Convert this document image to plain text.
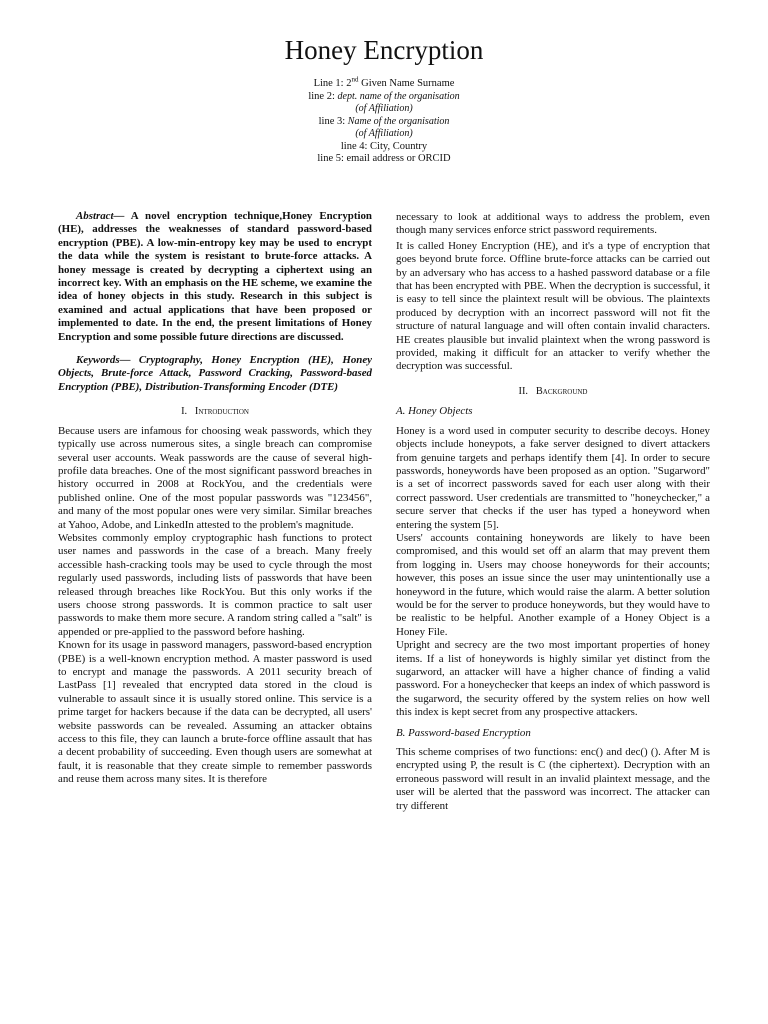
Honey Encryption
Line 1: 2nd Given Name Surname
line 2: dept. name of the organisation
(of Affiliation)
line 3: Name of the organisation
(of Affiliation)
line 4: City, Country
line 5: email address or ORCID

Abstract— A novel encryption technique,Honey Encryption (HE), addresses the weaknesses of standard password-based encryption (PBE). A low-min-entropy key may be used to encrypt the data while the system is resistant to brute-force attacks. A honey message is created by decrypting a ciphertext using an incorrect key. With an emphasis on the HE scheme, we examine the idea of honey objects in this study. Research in this subject is examined and actual applications that have been proposed or implemented to date. In the end, the present limitations of Honey Encryption and some possible future directions are discussed.

Keywords— Cryptography, Honey Encryption (HE), Honey Objects, Brute-force Attack, Password Cracking, Password-based Encryption (PBE), Distribution-Transforming Encoder (DTE)

I. Introduction

Because users are infamous for choosing weak passwords, which they typically use across numerous sites, a single breach can compromise several user accounts. Weak passwords are the cause of several high-profile data breaches. One of the most significant password breaches in history occurred in 2008 at RockYou, and the credentials were published online. One of the most popular passwords was "123456", and many of the most popular ones were very similar. Similar breaches at Yahoo, Adobe, and LinkedIn attested to the problem's magnitude.

Websites commonly employ cryptographic hash functions to protect user names and passwords in the case of a breach. Many freely accessible hash-cracking tools may be used to cycle through the most regularly used passwords, including lists of passwords that have been released through breaches like RockYou. But this only works if the users choose strong passwords. It is common practice to salt user passwords to make them more secure. A random string called a "salt" is appended or pre-applied to the password before hashing.

Known for its usage in password managers, password-based encryption (PBE) is a well-known encryption method. A master password is used to encrypt and manage the passwords. A 2011 security breach of LastPass [1] revealed that encrypted data stored in the cloud is vulnerable to assault since it is usually stored online. This service is a prime target for hackers because if the data can be decrypted, all users' website passwords can be revealed. Assuming an attacker obtains access to this file, they can launch a brute-force offline assault that has a decent probability of succeeding. Even though users are somewhat at fault, it is reasonable that they create simple to remember passwords and reuse them across many sites. It is therefore

necessary to look at additional ways to address the problem, even though many services enforce strict password requirements.

It is called Honey Encryption (HE), and it's a type of encryption that goes beyond brute force. Offline brute-force attacks can be carried out by an adversary who has access to a hashed password database or a file that has been encrypted with PBE. When the decryption is successful, it is easy to tell since the plaintext result will be obvious. The plaintexts produced by decryption with an incorrect password will not fit the structure of natural language and will often contain invalid characters. HE creates plausible but invalid plaintext when the wrong password is provided, making it difficult for an attacker to verify whether the decryption was successful.

II. Background
A. Honey Objects

Honey is a word used in computer security to describe decoys. Honey objects include honeypots, a fake server designed to divert attackers from genuine targets and perhaps identify them [4]. In order to secure passwords, honeywords have been proposed as an option. "Sugarword" is a set of incorrect passwords saved for each user along with their correct password. User credentials are transmitted to "honeychecker," a secure server that checks if the user has typed a honeyword when entering the system [5].

Users' accounts containing honeywords are likely to have been compromised, and this would set off an alarm that may prevent them from logging in. Users may choose honeywords for their accounts; however, this poses an issue since the user may unintentionally use a honeyword in the future, which would raise the alarm. A better solution would be for the server to produce honeywords, but they would have to be realistic to be helpful. Another example of a Honey Object is a Honey File.

Upright and secrecy are the two most important properties of honey items. If a list of honeywords is highly similar yet distinct from the sugarword, an attacker will have a higher chance of finding a valid password. For a honeychecker that keeps an index of which password is the sugarword, the security offered by the system relies on how well this index is kept secret from any prospective attackers.

B. Password-based Encryption

This scheme comprises of two functions: enc() and dec() (). After M is encrypted using P, the result is C (the ciphertext). Decryption with an erroneous password will result in an invalid plaintext message, and the user will be alerted that the password was incorrect. The attacker can try different
